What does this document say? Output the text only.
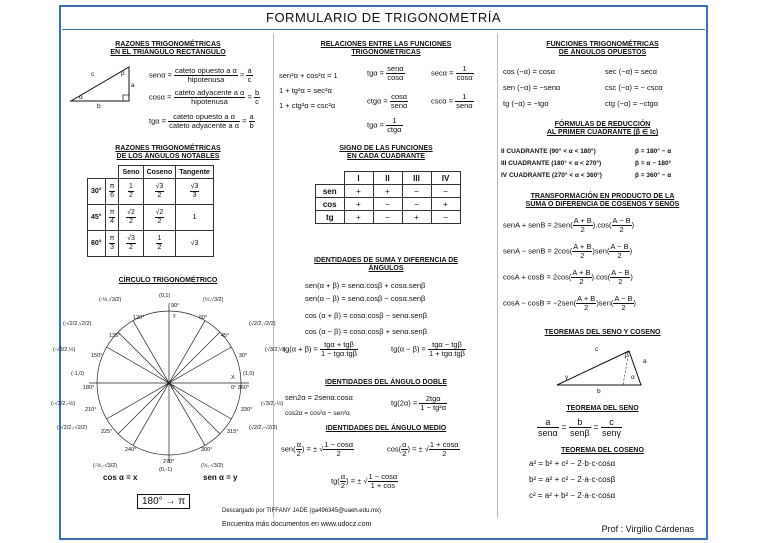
FORMULARIO DE TRIGONOMETRÍA
RAZONES TRIGONOMÉTRICAS
EN EL TRIÁNGULO RECTÁNGULO
c
a
b
β
α
senα = cateto opuesto a α
hipotenusa
= $\frac{a}{c}$
cosα = cateto adyacente a α
hipotenusa
= $\frac{b}{c}$
tgα = cateto opuesto a α
cateto adyacente a α
= $\frac{a}{b}$
RAZONES TRIGONOMÉTRICAS
DE LOS ÁNGULOS NOTABLES
		Seno	Coseno	Tangente
30°	$\frac{\pi}{6}$	$\frac{1}{2}$	$\frac{√3}{2}$	$\frac{√3}{3}$

45°	$\frac{\pi}{4}$	$\frac{√2}{2}$	$\frac{√2}{2}$	1
60°	$\frac{\pi}{3}$	$\frac{√3}{2}$	$\frac{1}{2}$	√3
CÍRCULO TRIGONOMÉTRICO
(0,1)
90°
120°	60°
135°	45°
150°	30°
(-1,0)
180°
(1,0)
0° 360°
210°	330°
225°	315°
240°	300°
270°
(0,-1)
X
y
0
(-½,√3/2)	(½,√3/2)
(-√2/2,√2/2)	(√2/2,√2/2)
(-√3/2,½)	(√3/2,½)
(-√3/2,-½)	(√3/2,-½)
(-√2/2,-√2/2)	(√2/2,-√2/2)
(-½,-√3/2)	(½,-√3/2)
cos α = x	sen α = y
180° → π
RELACIONES ENTRE LAS FUNCIONES
TRIGONOMÉTRICAS
sen²α + cos²α = 1
1 + tg²α = sec²α
1 + ctg²α = csc²α
tgα = senα
cosα
$\sec\alpha = \frac{1}{\cos\alpha}$
ctgα = cosα
senα
cscα =	1
senα
tgα =	1
ctgα
SIGNO DE LAS FUNCIONES
EN CADA CUADRANTE
	I	II	III	IV
sen	+	+	−	−
cos	+	−	−	+
tg	+	−	+	−
IDENTIDADES DE SUMA Y DIFERENCIA DE
ÁNGULOS
sen(α + β) = senα.cosβ + cosα.senβ
sen(α − β) = senα.cosβ − cosα.senβ
cos (α + β) = cosα.cosβ − senα.senβ
cos (α − β) = cosα.cosβ + senα.senβ
tg(α + β) = tgα + tgβ
1 − tgα.tgβ
tg(α − β) = tgα − tgβ
1 + tgα.tgβ
IDENTIDADES DEL ÁNGULO DOBLE
sen2α = 2senα.cosα
cos2α = cos²α − sen²α
tg(2α) =	2tgα
1 − tg²α
IDENTIDADES DEL ÁNGULO MEDIO
$sen( \frac{\alpha}{2}$ ) = ± √ $\frac{1 - \cos\alpha}{2}$	$\cos( \frac{\alpha}{2}$ ) = ± √ $\frac{1 + \cos\alpha}{2}$
$tg( \frac{\alpha}{2}$ ) = ± √ $\frac{1 - \cos\alpha}{1 + \cos}$
FUNCIONES TRIGONOMÉTRICAS
DE ÁNGULOS OPUESTOS
cos (−α) = cosα	sec (−α) = secα
sen (−α) = −senα	csc (−α) = − cscα
tg (−α) = −tgα	ctg (−α) = −ctgα
FÓRMULAS DE REDUCCIÓN
AL PRIMER CUADRANTE (β ∈ Ic)
II CUADRANTE (90° < α < 180°)	β = 180° − α
III CUADRANTE (180° < α < 270°)	β = α − 180°
IV CUADRANTE (270° < α < 360°)	β = 360° − α
TRANSFORMACIÓN EN PRODUCTO DE LA
SUMA O DIFERENCIA DE COSENOS Y SENOS
senA + senB = $2sen( \frac{A + B}{2} ).\cos( \frac{A - B}{2}$ )
senA − senB = $2\cos( \frac{A + B}{2} )sen( \frac{A - B}{2}$ )
$\cos A + \cos B = 2\cos( \frac{A + B}{2} ).\cos( \frac{A - B}{2}$ )
$\cos A - \cos B = -2sen( \frac{A + B}{2} )sen( \frac{A - B}{2}$ )
TEOREMAS DEL SENO Y COSENO
c
a
b
β
γ	α
TEOREMA DEL SENO
a
senα
=	b
senβ
=	c
senγ
TEOREMA DEL COSENO
a² = b² + c² − 2·b·c·cosα
b² = a² + c² − 2·a·c·cosβ
c² = a² + b² − 2·a·c·cosα
Prof : Virgilio Cárdenas
Descargado por TIFFANY JADE (ga496345@uaeh.edu.mx)
Encuentra más documentos en www.udocz.com
